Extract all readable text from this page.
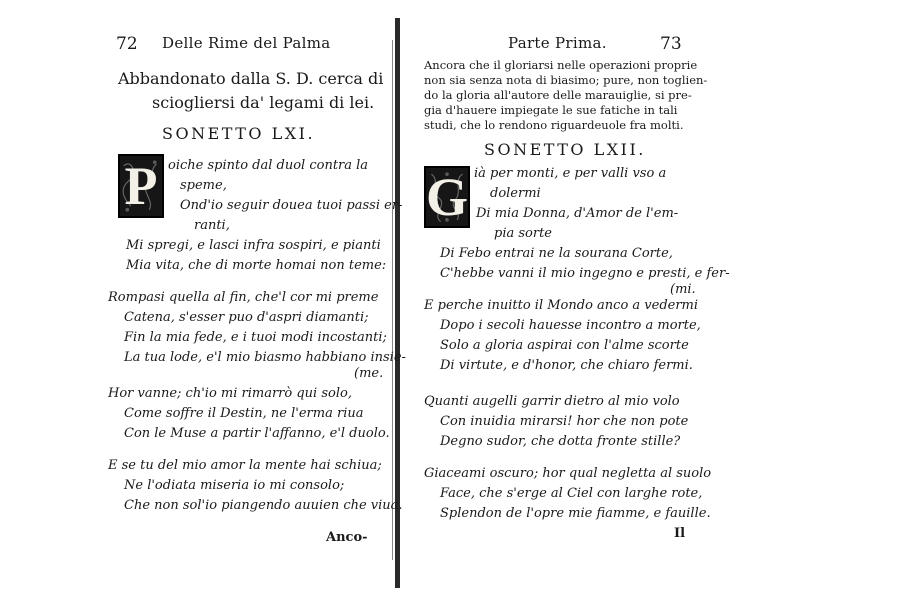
72 Delle Rime del Palma
Abbandonato dalla S. D. cerca di
sciogliersi da' legami di lei.
SONETTO LXI.
P oiche spinto dal duol contra la
speme,
Ond'io seguir douea tuoi passi er-
ranti,
Mi spregi, e lasci infra sospiri, e pianti
Mia vita, che di morte homai non teme:
Rompasi quella al fin, che'l cor mi preme
Catena, s'esser puo d'aspri diamanti;
Fin la mia fede, e i tuoi modi incostanti;
La tua lode, e'l mio biasmo habbiano insie-
(me.
Hor vanne; ch'io mi rimarrò qui solo,
Come soffre il Destin, ne l'erma riua
Con le Muse a partir l'affanno, e'l duolo.
E se tu del mio amor la mente hai schiua;
Ne l'odiata miseria io mi consolo;
Che non sol'io piangendo auuien che viua.
Anco-
Parte Prima.	73
Ancora che il gloriarsi nelle operazioni proprie
non sia senza nota di biasimo; pure, non toglien-
do la gloria all'autore delle marauiglie, si pre-
gia d'hauere impiegate le sue fatiche in tali
studi, che lo rendono riguardeuole fra molti.
SONETTO LXII.
G ià per monti, e per valli vso a
dolermi
Di mia Donna, d'Amor de l'em-
pia sorte
Di Febo entrai ne la sourana Corte,
C'hebbe vanni il mio ingegno e presti, e fer-
(mi.
E perche inuitto il Mondo anco a vedermi
Dopo i secoli hauesse incontro a morte,
Solo a gloria aspirai con l'alme scorte
Di virtute, e d'honor, che chiaro fermi.
Quanti augelli garrir dietro al mio volo
Con inuidia mirarsi! hor che non pote
Degno sudor, che dotta fronte stille?
Giaceami oscuro; hor qual negletta al suolo
Face, che s'erge al Ciel con larghe rote,
Splendon de l'opre mie fiamme, e fauille.
Il
